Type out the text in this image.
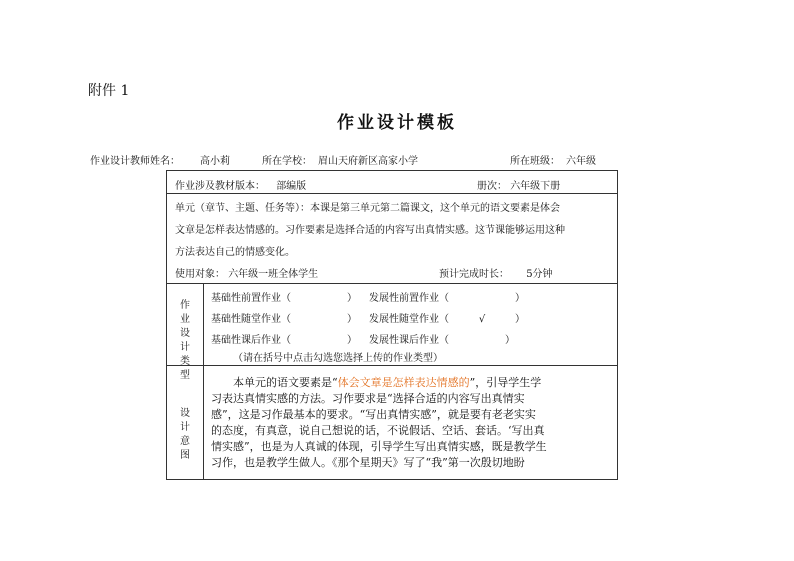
附件 1
作业设计模板
作业设计教师姓名： 高小莉	所在学校： 眉山天府新区高家小学	所在班级： 六年级
作业涉及教材版本： 部编版	册次： 六年级下册
单元（章节、主题、任务等）：本课是第三单元第二篇课文，这个单元的语文要素是体会
文章是怎样表达情感的。习作要素是选择合适的内容写出真情实感。这节课能够运用这种
方法表达自己的情感变化。
使用对象： 六年级一班全体学生	预计完成时长： 5分钟
作业设计类型
基础性前置作业（	） 发展性前置作业（	）
基础性随堂作业（	） 发展性随堂作业（	√	）
基础性课后作业（	） 发展性课后作业（	）
（请在括号中点击勾选您选择上传的作业类型）
设计意图
本单元的语文要素是“体会文章是怎样表达情感的”，引导学生学
习表达真情实感的方法。习作要求是“选择合适的内容写出真情实
感”，这是习作最基本的要求。“写出真情实感”，就是要有老老实实
的态度，有真意，说自己想说的话，不说假话、空话、套话。‘写出真
情实感”，也是为人真诚的体现，引导学生写出真情实感，既是教学生
习作，也是教学生做人。《那个星期天》写了“我”第一次殷切地盼
